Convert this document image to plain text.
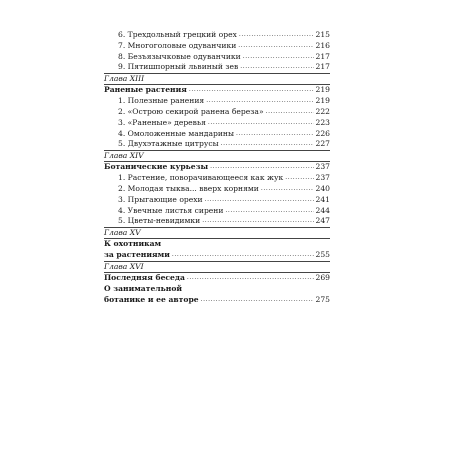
6. Трехдольный грецкий орех .....	215
7. Многоголовые одуванчики .....	216
8. Безъязычковые одуванчики .....	217
9. Пятишпорный львиный зев .....	217
Глава XIII
Раненые растения .....	219
1. Полезные ранения .....	219
2. «Острою секирой ранена береза» .....	222
3. «Раненые» деревья .....	223
4. Омоложенные мандарины .....	226
5. Двухэтажные цитрусы .....	227
Глава XIV
Ботанические курьезы .....	237
1. Растение, поворачивающееся как жук .....	237
2. Молодая тыква... вверх корнями .....	240
3. Прыгающие орехи .....	241
4. Увечные листья сирени .....	244
5. Цветы-невидимки .....	247
Глава XV
К охотникам
за растениями .....	255
Глава XVI
Последняя беседа .....	269
О занимательной
ботанике и ее авторе .....	275
